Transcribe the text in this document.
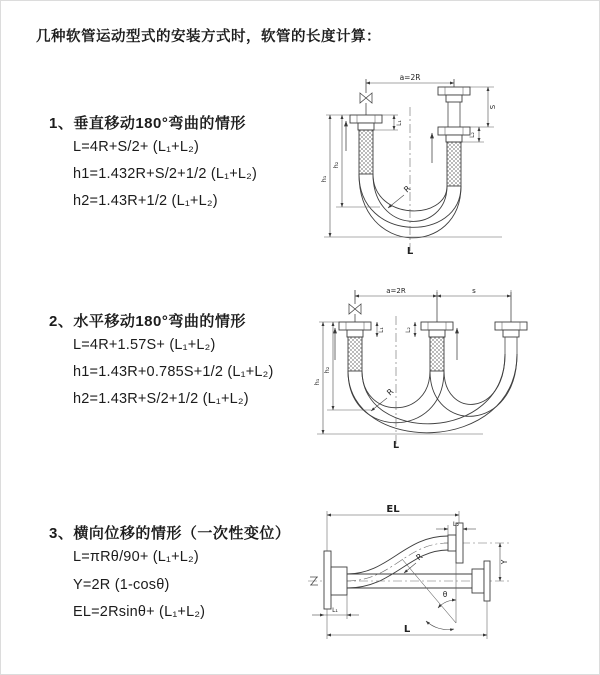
几种软管运动型式的安装方式时，软管的长度计算：
1、垂直移动180°弯曲的情形
L=4R+S/2+ (L₁+L₂)
h1=1.432R+S/2+1/2 (L₁+L₂)
h2=1.43R+1/2 (L₁+L₂)
2、水平移动180°弯曲的情形
L=4R+1.57S+ (L₁+L₂)
h1=1.43R+0.785S+1/2 (L₁+L₂)
h2=1.43R+S/2+1/2 (L₁+L₂)
3、横向位移的情形（一次性变位）
L=πRθ/90+ (L₁+L₂)
Y=2R (1-cosθ)
EL=2Rsinθ+ (L₁+L₂)
a=2R
S
L₂
L₁
h₁
h₂
R
L
a=2R	s
L₁	L₂
h₁
h₂
R
L
EL
L₂
Y
R
θ
L
L₁
